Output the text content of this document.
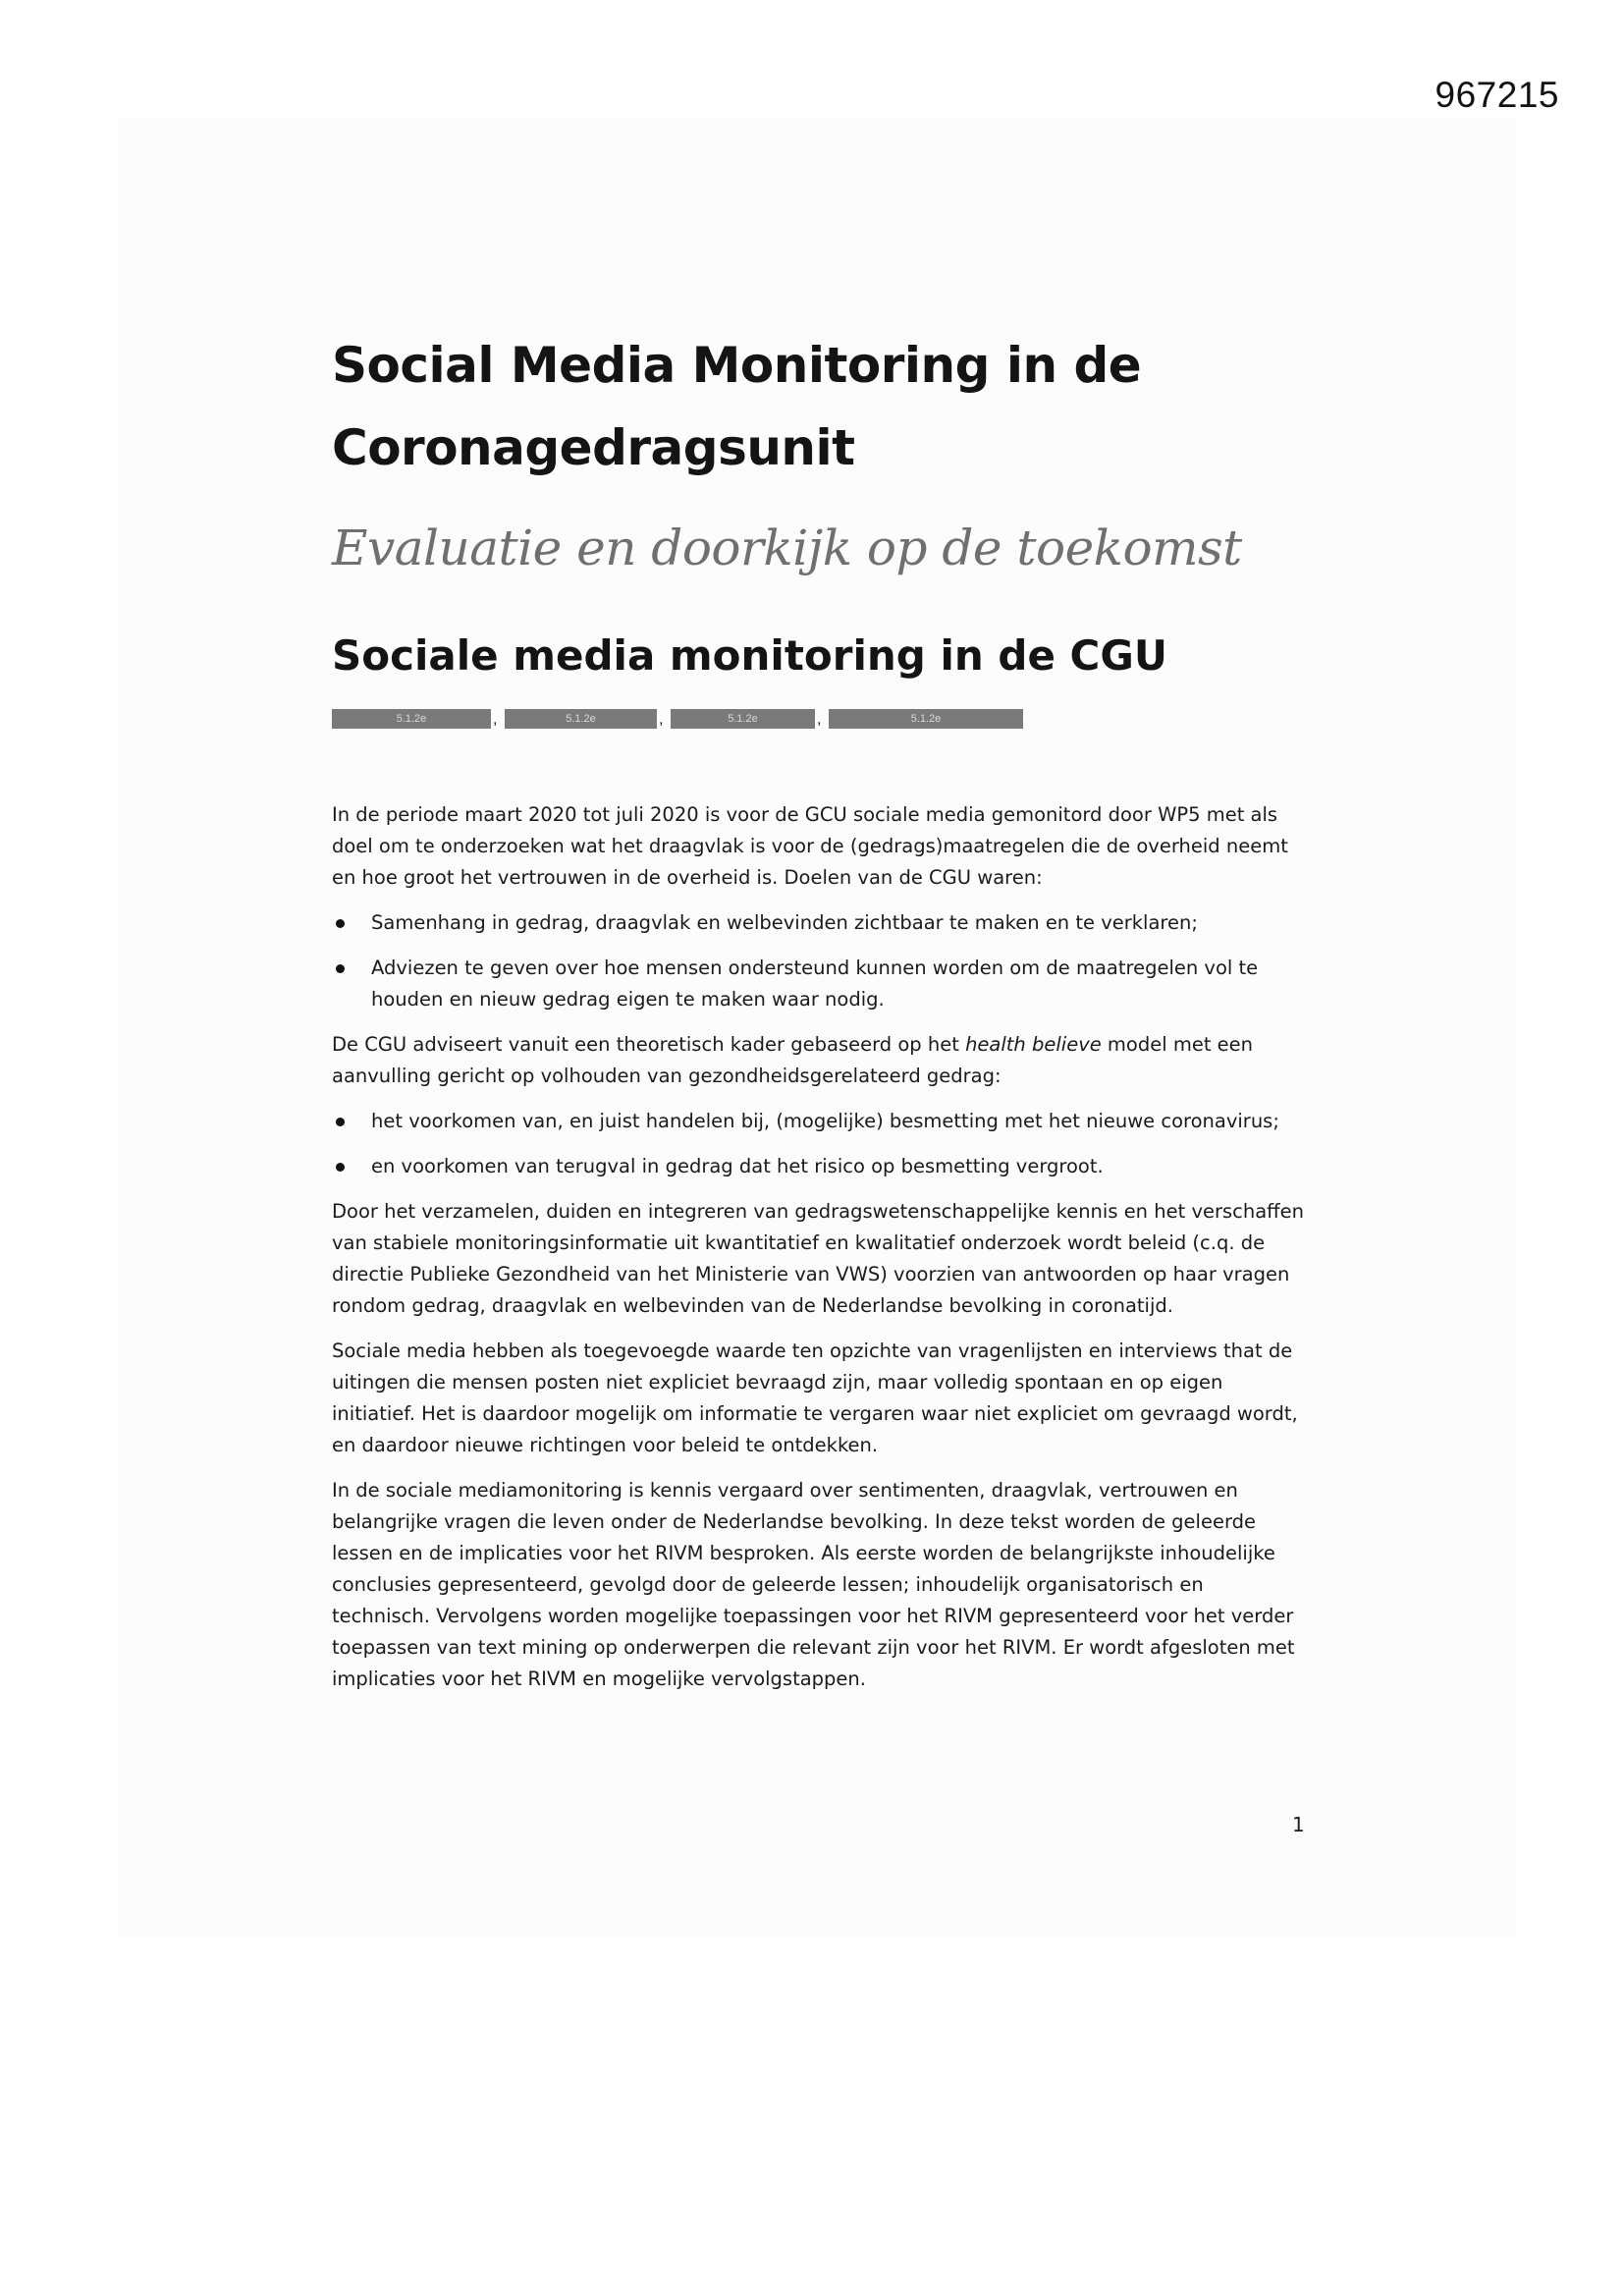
967215
Social Media Monitoring in de
Coronagedragsunit
Evaluatie en doorkijk op de toekomst
Sociale media monitoring in de CGU
5.1.2e	,	5.1.2e	,	5.1.2e	,	5.1.2e

In de periode maart 2020 tot juli 2020 is voor de GCU sociale media gemonitord door WP5 met als doel om te onderzoeken wat het draagvlak is voor de (gedrags)maatregelen die de overheid neemt en hoe groot het vertrouwen in de overheid is. Doelen van de CGU waren:

Samenhang in gedrag, draagvlak en welbevinden zichtbaar te maken en te verklaren;
Adviezen te geven over hoe mensen ondersteund kunnen worden om de maatregelen vol te houden en nieuw gedrag eigen te maken waar nodig.

De CGU adviseert vanuit een theoretisch kader gebaseerd op het health believe model met een aanvulling gericht op volhouden van gezondheidsgerelateerd gedrag:

het voorkomen van, en juist handelen bij, (mogelijke) besmetting met het nieuwe coronavirus;
en voorkomen van terugval in gedrag dat het risico op besmetting vergroot.

Door het verzamelen, duiden en integreren van gedragswetenschappelijke kennis en het verschaffen van stabiele monitoringsinformatie uit kwantitatief en kwalitatief onderzoek wordt beleid (c.q. de directie Publieke Gezondheid van het Ministerie van VWS) voorzien van antwoorden op haar vragen rondom gedrag, draagvlak en welbevinden van de Nederlandse bevolking in coronatijd.

Sociale media hebben als toegevoegde waarde ten opzichte van vragenlijsten en interviews that de uitingen die mensen posten niet expliciet bevraagd zijn, maar volledig spontaan en op eigen initiatief. Het is daardoor mogelijk om informatie te vergaren waar niet expliciet om gevraagd wordt, en daardoor nieuwe richtingen voor beleid te ontdekken.

In de sociale mediamonitoring is kennis vergaard over sentimenten, draagvlak, vertrouwen en belangrijke vragen die leven onder de Nederlandse bevolking. In deze tekst worden de geleerde lessen en de implicaties voor het RIVM besproken. Als eerste worden de belangrijkste inhoudelijke conclusies gepresenteerd, gevolgd door de geleerde lessen; inhoudelijk organisatorisch en technisch. Vervolgens worden mogelijke toepassingen voor het RIVM gepresenteerd voor het verder toepassen van text mining op onderwerpen die relevant zijn voor het RIVM. Er wordt afgesloten met implicaties voor het RIVM en mogelijke vervolgstappen.

1
